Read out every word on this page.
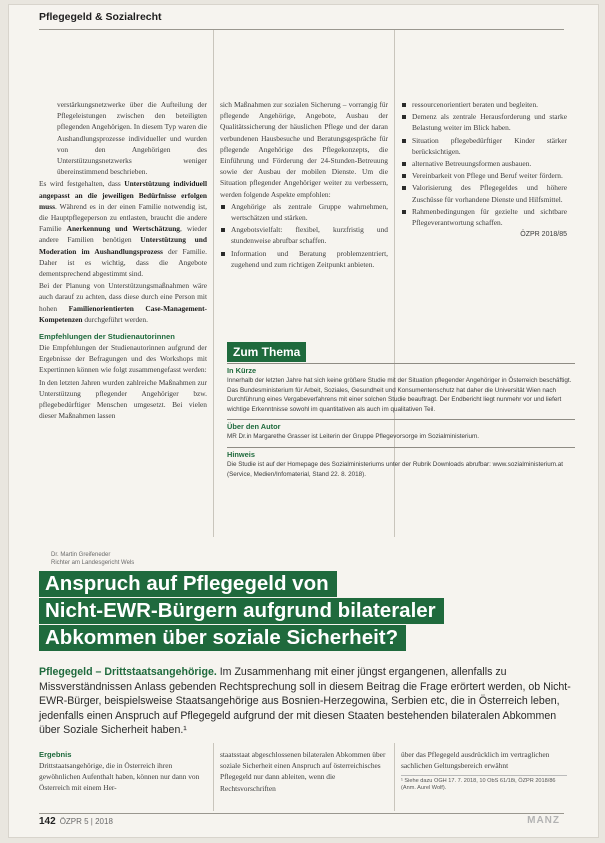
Pflegegeld & Sozialrecht

verstärkungsnetzwerke über die Aufteilung der Pflegeleistungen zwischen den beteiligten pflegenden Angehörigen. In diesem Typ waren die Aushandlungsprozesse individueller und wurden von den Angehörigen des Unterstützungsnetzwerks weniger übereinstimmend beschrieben.

Es wird festgehalten, dass Unterstützung individuell angepasst an die jeweiligen Bedürfnisse erfolgen muss. Während es in der einen Familie notwendig ist, die Hauptpflegeperson zu entlasten, braucht die andere Familie Anerkennung und Wertschätzung, wieder andere Familien benötigen Unterstützung und Moderation im Aushandlungsprozess der Familie. Daher ist es wichtig, dass die Angebote dementsprechend abgestimmt sind.

Bei der Planung von Unterstützungsmaßnahmen wäre auch darauf zu achten, dass diese durch eine Person mit hohen Familienorientierten Case-Management-Kompetenzen durchgeführt werden.

Empfehlungen der Studienautorinnen

Die Empfehlungen der Studienautorinnen aufgrund der Ergebnisse der Befragungen und des Workshops mit Expertinnen können wie folgt zusammengefasst werden:

In den letzten Jahren wurden zahlreiche Maßnahmen zur Unterstützung pflegender Angehöriger bzw. pflegebedürftiger Menschen umgesetzt. Bei vielen dieser Maßnahmen lassen

sich Maßnahmen zur sozialen Sicherung – vorrangig für pflegende Angehörige, Angebote, Ausbau der Qualitätssicherung der häuslichen Pflege und der daran verbundenen Hausbesuche und Beratungsgespräche für pflegende Angehörige des Pflegekonzepts, die Einführung und Förderung der 24-Stunden-Betreuung sowie der Ausbau der mobilen Dienste. Um die Situation pflegender Angehöriger weiter zu verbessern, werden folgende Aspekte empfohlen:

Angehörige als zentrale Gruppe wahrnehmen, wertschätzen und stärken.
Angebotsvielfalt: flexibel, kurzfristig und stundenweise abrufbar schaffen.
Information und Beratung problemzentriert, zugehend und zum richtigen Zeitpunkt anbieten.
ressourcenorientiert beraten und begleiten.
Demenz als zentrale Herausforderung und starke Belastung weiter im Blick haben.
Situation pflegebedürftiger Kinder stärker berücksichtigen.
alternative Betreuungsformen ausbauen.
Vereinbarkeit von Pflege und Beruf weiter fördern.
Valorisierung des Pflegegeldes und höhere Zuschüsse für vorhandene Dienste und Hilfsmittel.
Rahmenbedingungen für gezielte und sichtbare Pflegeverantwortung schaffen.
ÖZPR 2018/85
Zum Thema
In Kürze
Innerhalb der letzten Jahre hat sich keine größere Studie mit der Situation pflegender Angehöriger in Österreich beschäftigt. Das Bundesministerium für Arbeit, Soziales, Gesundheit und Konsumentenschutz hat daher die Universität Wien nach Durchführung eines Vergabeverfahrens mit einer solchen Studie beauftragt. Der Endbericht liegt nunmehr vor und liefert wichtige Erkenntnisse sowohl im quantitativen als auch im qualitativen Teil.
Über den Autor
MR Dr.in Margarethe Grasser ist Leiterin der Gruppe Pflegevorsorge im Sozialministerium.
Hinweis
Die Studie ist auf der Homepage des Sozialministeriums unter der Rubrik Downloads abrufbar: www.sozialministerium.at (Service, Medien/Infomaterial, Stand 22. 8. 2018).
Dr. Martin Greifeneder
Richter am Landesgericht Wels
Anspruch auf Pflegegeld von
Nicht-EWR-Bürgern aufgrund bilateraler
Abkommen über soziale Sicherheit?
Pflegegeld – Drittstaatsangehörige. Im Zusammenhang mit einer jüngst ergangenen, allenfalls zu Missverständnissen Anlass gebenden Rechtsprechung soll in diesem Beitrag die Frage erörtert werden, ob Nicht-EWR-Bürger, beispielsweise Staatsangehörige aus Bosnien-Herzegowina, Serbien etc, die in Österreich leben, jedenfalls einen Anspruch auf Pflegegeld aufgrund der mit diesen Staaten bestehenden bilateralen Abkommen über Soziale Sicherheit haben.¹
Ergebnis
Drittstaatsangehörige, die in Österreich ihren gewöhnlichen Aufenthalt haben, können nur dann von Österreich mit einem Her-
staatsstaat abgeschlossenen bilateralen Abkommen über soziale Sicherheit einen Anspruch auf österreichisches Pflegegeld nur dann ableiten, wenn die Rechtsvorschriften
über das Pflegegeld ausdrücklich im vertraglichen sachlichen Geltungsbereich erwähnt
¹ Siehe dazu OGH 17. 7. 2018, 10 ObS 61/18i, ÖZPR 2018/86 (Anm. Aurel Wolf).
142 ÖZPR 5 | 2018	MANZ
